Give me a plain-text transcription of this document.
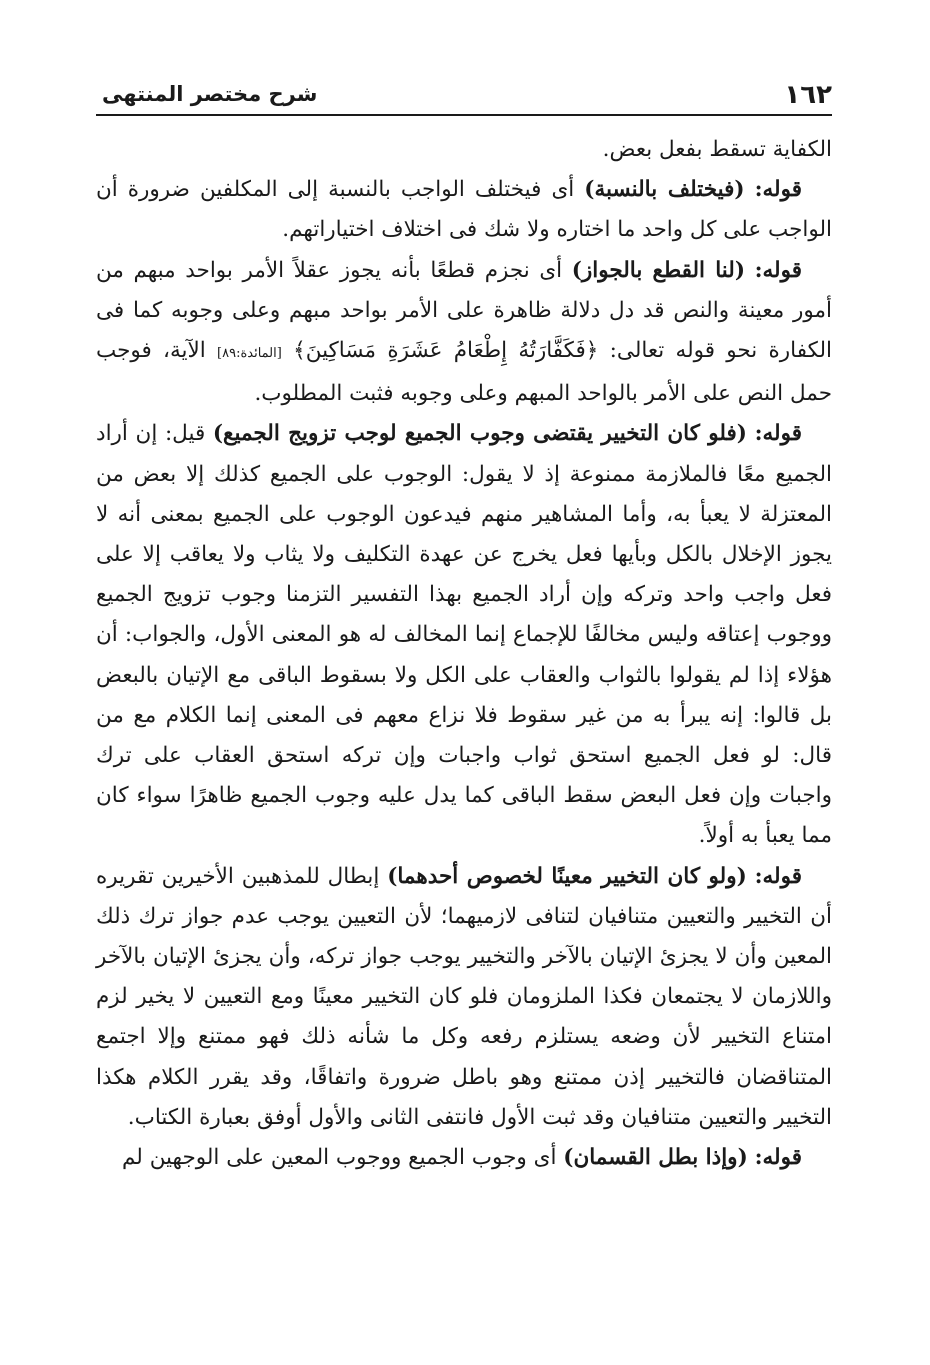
١٦٢
شرح مختصر المنتهى

الكفاية تسقط بفعل بعض.

قوله: (فيختلف بالنسبة) أى فيختلف الواجب بالنسبة إلى المكلفين ضرورة أن الواجب على كل واحد ما اختاره ولا شك فى اختلاف اختياراتهم.

قوله: (لنا القطع بالجواز) أى نجزم قطعًا بأنه يجوز عقلاً الأمر بواحد مبهم من أمور معينة والنص قد دل دلالة ظاهرة على الأمر بواحد مبهم وعلى وجوبه كما فى الكفارة نحو قوله تعالى: ﴿فَكَفَّارَتُهُ إِطْعَامُ عَشَرَةِ مَسَاكِينَ﴾ [المائدة:٨٩] الآية، فوجب حمل النص على الأمر بالواحد المبهم وعلى وجوبه فثبت المطلوب.

قوله: (فلو كان التخيير يقتضى وجوب الجميع لوجب تزويج الجميع) قيل: إن أراد الجميع معًا فالملازمة ممنوعة إذ لا يقول: الوجوب على الجميع كذلك إلا بعض من المعتزلة لا يعبأ به، وأما المشاهير منهم فيدعون الوجوب على الجميع بمعنى أنه لا يجوز الإخلال بالكل وبأيها فعل يخرج عن عهدة التكليف ولا يثاب ولا يعاقب إلا على فعل واجب واحد وتركه وإن أراد الجميع بهذا التفسير التزمنا وجوب تزويج الجميع ووجوب إعتاقه وليس مخالفًا للإجماع إنما المخالف له هو المعنى الأول، والجواب: أن هؤلاء إذا لم يقولوا بالثواب والعقاب على الكل ولا بسقوط الباقى مع الإتيان بالبعض بل قالوا: إنه يبرأ به من غير سقوط فلا نزاع معهم فى المعنى إنما الكلام مع من قال: لو فعل الجميع استحق ثواب واجبات وإن تركه استحق العقاب على ترك واجبات وإن فعل البعض سقط الباقى كما يدل عليه وجوب الجميع ظاهرًا سواء كان مما يعبأ به أولاً.

قوله: (ولو كان التخيير معينًا لخصوص أحدهما) إبطال للمذهبين الأخيرين تقريره أن التخيير والتعيين متنافيان لتنافى لازميهما؛ لأن التعيين يوجب عدم جواز ترك ذلك المعين وأن لا يجزئ الإتيان بالآخر والتخيير يوجب جواز تركه، وأن يجزئ الإتيان بالآخر واللازمان لا يجتمعان فكذا الملزومان فلو كان التخيير معينًا ومع التعيين لا يخير لزم امتناع التخيير لأن وضعه يستلزم رفعه وكل ما شأنه ذلك فهو ممتنع وإلا اجتمع المتناقضان فالتخيير إذن ممتنع وهو باطل ضرورة واتفاقًا، وقد يقرر الكلام هكذا التخيير والتعيين متنافيان وقد ثبت الأول فانتفى الثانى والأول أوفق بعبارة الكتاب.

قوله: (وإذا بطل القسمان) أى وجوب الجميع ووجوب المعين على الوجهين لم
